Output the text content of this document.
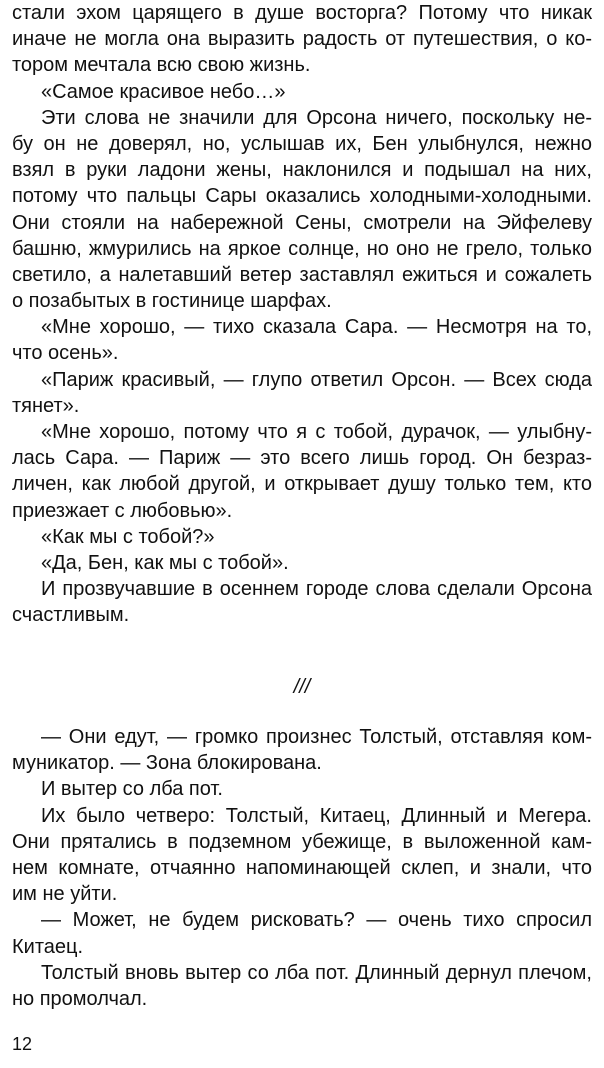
стали эхом царящего в душе восторга? Потому что никак
иначе не могла она выразить радость от путешествия, о ко-
тором мечтала всю свою жизнь.
«Самое красивое небо…»
Эти слова не значили для Орсона ничего, поскольку не-
бу он не доверял, но, услышав их, Бен улыбнулся, нежно
взял в руки ладони жены, наклонился и подышал на них,
потому что пальцы Сары оказались холодными-холодными.
Они стояли на набережной Сены, смотрели на Эйфелеву
башню, жмурились на яркое солнце, но оно не грело, только
светило, а налетавший ветер заставлял ежиться и сожалеть
о позабытых в гостинице шарфах.
«Мне хорошо, — тихо сказала Сара. — Несмотря на то,
что осень».
«Париж красивый, — глупо ответил Орсон. — Всех сюда
тянет».
«Мне хорошо, потому что я с тобой, дурачок, — улыбну-
лась Сара. — Париж — это всего лишь город. Он безраз-
личен, как любой другой, и открывает душу только тем, кто
приезжает с любовью».
«Как мы с тобой?»
«Да, Бен, как мы с тобой».
И прозвучавшие в осеннем городе слова сделали Орсона
счастливым.
///
— Они едут, — громко произнес Толстый, отставляя ком-
муникатор. — Зона блокирована.
И вытер со лба пот.
Их было четверо: Толстый, Китаец, Длинный и Мегера.
Они прятались в подземном убежище, в выложенной кам-
нем комнате, отчаянно напоминающей склеп, и знали, что
им не уйти.
— Может, не будем рисковать? — очень тихо спросил
Китаец.
Толстый вновь вытер со лба пот. Длинный дернул плечом,
но промолчал.
12
